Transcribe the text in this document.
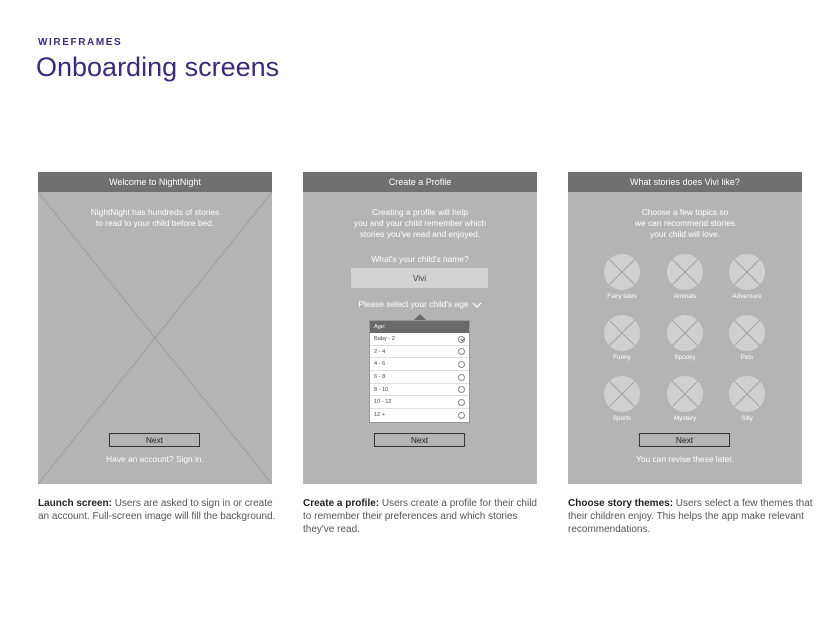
WIREFRAMES
Onboarding screens
Welcome to NightNight
NightNight has hundreds of stories
to read to your child before bed.
Next
Have an account? Sign in.
Create a Profile
Creating a profile will help
you and your child remember which
stories you've read and enjoyed.
What's your child's name?
Vivi
Please select your child's age
Age:
Baby - 2
2 - 4
4 - 6
6 - 8
8 - 10
10 - 12
12 +
Next
What stories does Vivi like?
Choose a few topics so
we can recommend stories
your child will love.
Fairy tales	Animals	Adventure
Funny	Spooky	Pets
Sports	Mystery	Silly
Next
You can revise these later.

Launch screen: Users are asked to sign in or create an account. Full-screen image will fill the background.

Create a profile: Users create a profile for their child to remember their preferences and which stories they've read.

Choose story themes: Users select a few themes that their children enjoy. This helps the app make relevant recommendations.
